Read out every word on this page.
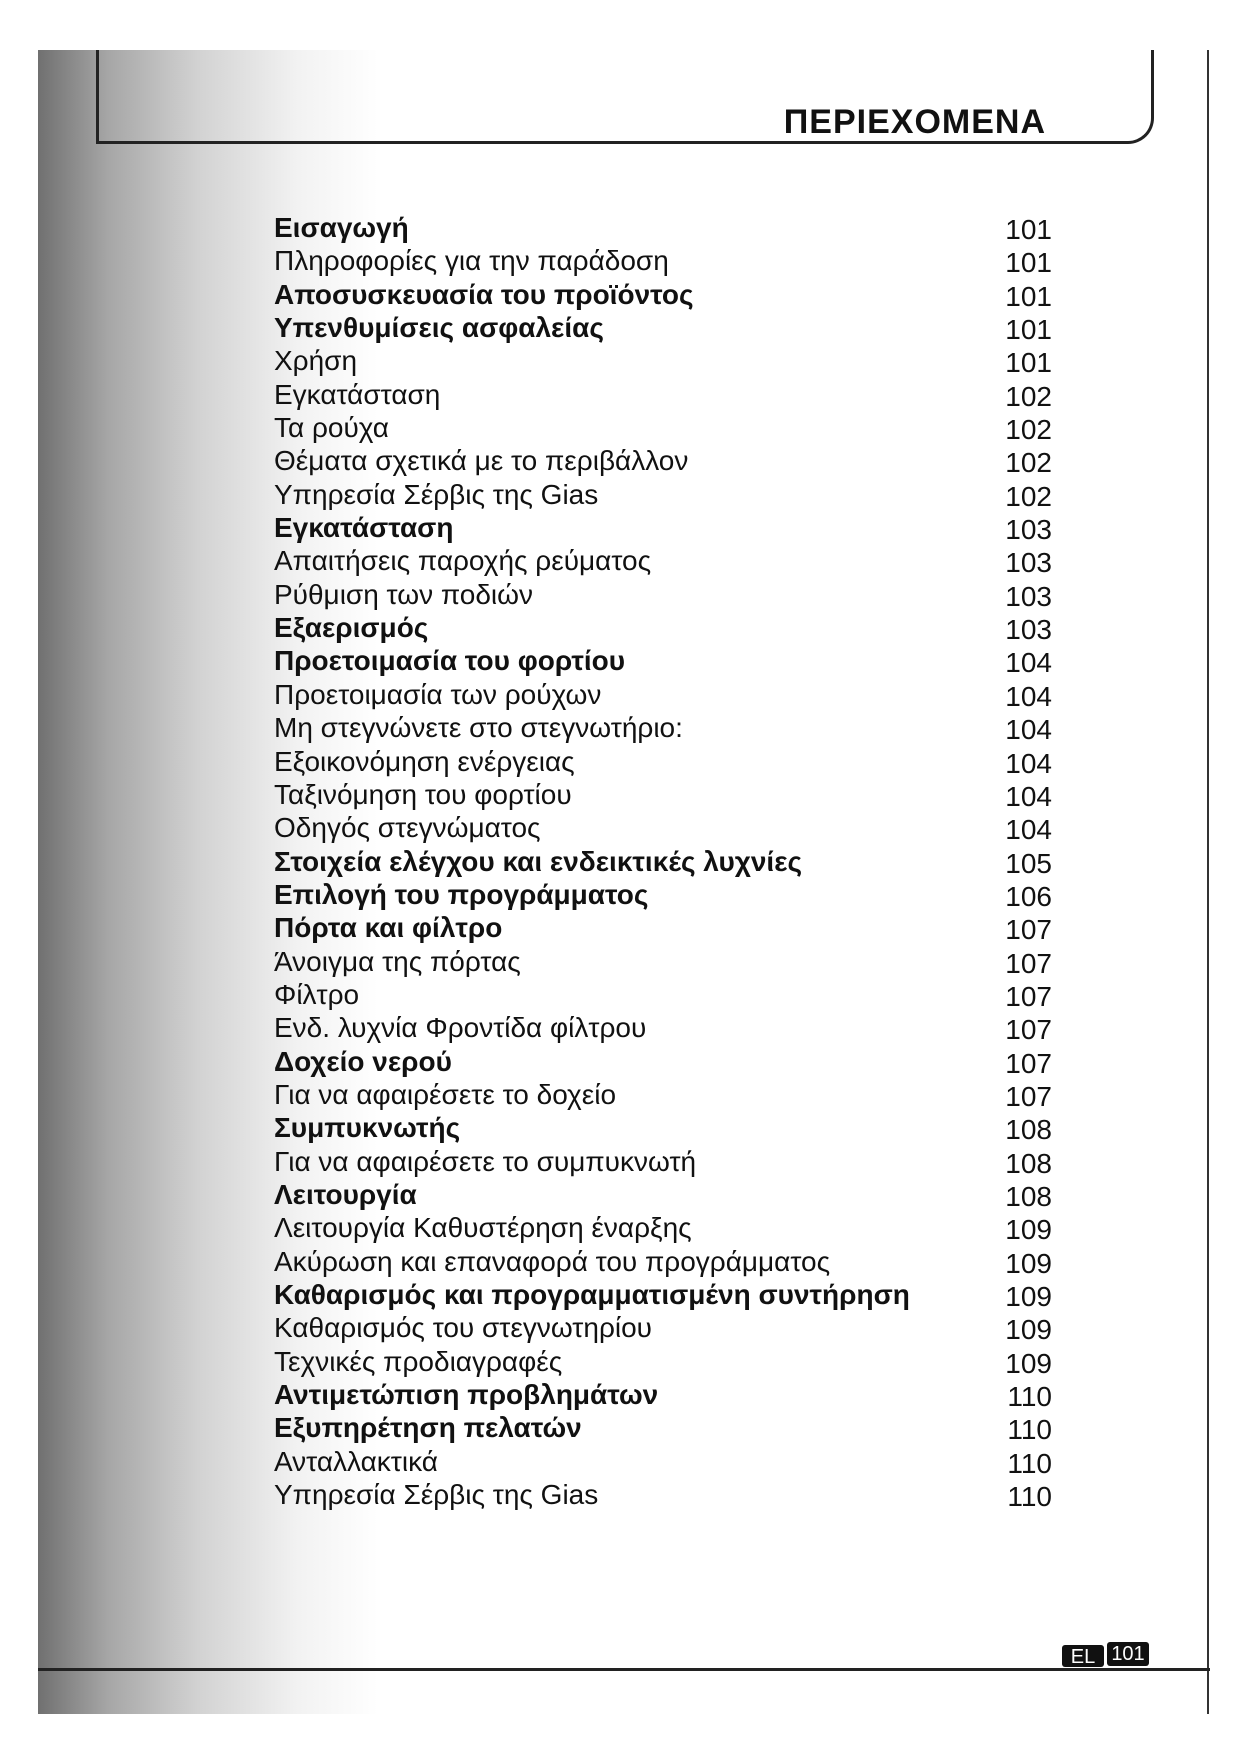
ΠΕΡΙΕΧΟΜΕΝΑ
Εισαγωγή	101
Πληροφορίες για την παράδοση	101
Αποσυσκευασία του προϊόντος	101
Υπενθυμίσεις ασφαλείας	101
Χρήση	101
Εγκατάσταση	102
Τα ρούχα	102
Θέματα σχετικά με το περιβάλλον	102
Υπηρεσία Σέρβις της Gias	102
Εγκατάσταση	103
Απαιτήσεις παροχής ρεύματος	103
Ρύθμιση των ποδιών	103
Εξαερισμός	103
Προετοιμασία του φορτίου	104
Προετοιμασία των ρούχων	104
Μη στεγνώνετε στο στεγνωτήριο:	104
Εξοικονόμηση ενέργειας	104
Ταξινόμηση του φορτίου	104
Οδηγός στεγνώματος	104
Στοιχεία ελέγχου και ενδεικτικές λυχνίες	105
Επιλογή του προγράμματος	106
Πόρτα και φίλτρο	107
Άνοιγμα της πόρτας	107
Φίλτρο	107
Ενδ. λυχνία Φροντίδα φίλτρου	107
Δοχείο νερού	107
Για να αφαιρέσετε το δοχείο	107
Συμπυκνωτής	108
Για να αφαιρέσετε το συμπυκνωτή	108
Λειτουργία	108
Λειτουργία Καθυστέρηση έναρξης	109
Ακύρωση και επαναφορά του προγράμματος	109
Καθαρισμός και προγραμματισμένη συντήρηση	109
Καθαρισμός του στεγνωτηρίου	109
Τεχνικές προδιαγραφές	109
Αντιμετώπιση προβλημάτων	110
Εξυπηρέτηση πελατών	110
Ανταλλακτικά	110
Υπηρεσία Σέρβις της Gias	110
EL 101
